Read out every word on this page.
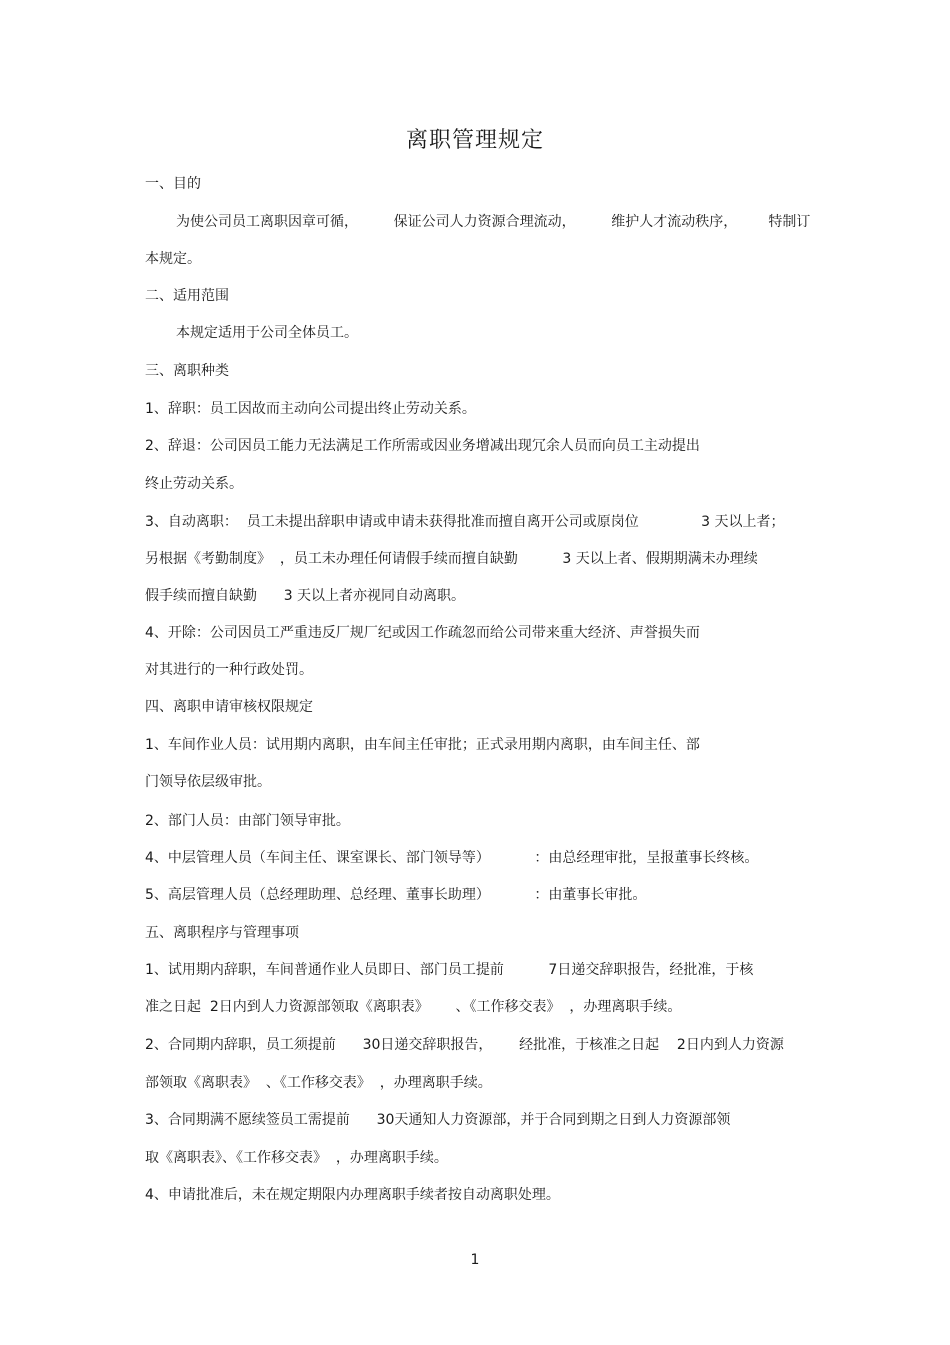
离职管理规定
一、目的
为使公司员工离职因章可循，        保证公司人力资源合理流动，        维护人才流动秩序，       特制订
本规定。
二、适用范围
本规定适用于公司全体员工。
三、离职种类
1、辞职：员工因故而主动向公司提出终止劳动关系。
2、辞退：公司因员工能力无法满足工作所需或因业务增减出现冗余人员而向员工主动提出
终止劳动关系。
3、自动离职：  员工未提出辞职申请或申请未获得批准而擅自离开公司或原岗位              3 天以上者；
另根据《考勤制度》  ，员工未办理任何请假手续而擅自缺勤          3 天以上者、假期期满未办理续
假手续而擅自缺勤      3 天以上者亦视同自动离职。
4、开除：公司因员工严重违反厂规厂纪或因工作疏忽而给公司带来重大经济、声誉损失而
对其进行的一种行政处罚。
四、离职申请审核权限规定
1、车间作业人员：试用期内离职，由车间主任审批；正式录用期内离职，由车间主任、部
门领导依层级审批。
2、部门人员：由部门领导审批。
4、中层管理人员（车间主任、课室课长、部门领导等）          ：由总经理审批，呈报董事长终核。
5、高层管理人员（总经理助理、总经理、董事长助理）          ：由董事长审批。
五、离职程序与管理事项
1、试用期内辞职，车间普通作业人员即日、部门员工提前          7日递交辞职报告，经批准，于核
准之日起  2日内到人力资源部领取《离职表》      、《工作移交表》  ，办理离职手续。
2、合同期内辞职，员工须提前      30日递交辞职报告，      经批准，于核准之日起    2日内到人力资源
部领取《离职表》  、《工作移交表》  ，办理离职手续。
3、合同期满不愿续签员工需提前      30天通知人力资源部，并于合同到期之日到人力资源部领
取《离职表》、《工作移交表》  ，办理离职手续。
4、申请批准后，未在规定期限内办理离职手续者按自动离职处理。
1
